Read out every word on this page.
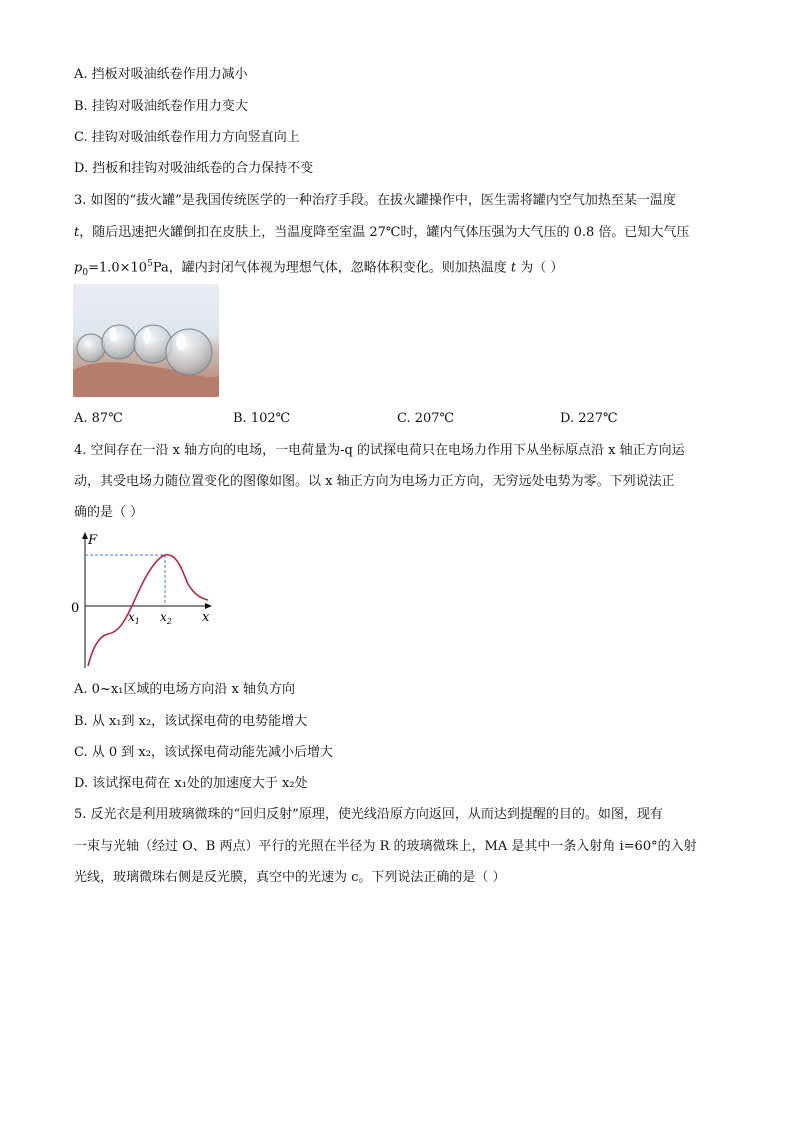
A. 挡板对吸油纸卷作用力减小
B. 挂钩对吸油纸卷作用力变大
C. 挂钩对吸油纸卷作用力方向竖直向上
D. 挡板和挂钩对吸油纸卷的合力保持不变
3. 如图的“拔火罐”是我国传统医学的一种治疗手段。在拔火罐操作中，医生需将罐内空气加热至某一温度
t，随后迅速把火罐倒扣在皮肤上，当温度降至室温 27℃时，罐内气体压强为大气压的 0.8 倍。已知大气压
$p_0=1.0\times 10^5Pa$，罐内封闭气体视为理想气体，忽略体积变化。则加热温度 t 为（ ）
A. 87℃	B. 102℃	C. 207℃	D. 227℃
4. 空间存在一沿 x 轴方向的电场，一电荷量为-q 的试探电荷只在电场力作用下从坐标原点沿 x 轴正方向运
动，其受电场力随位置变化的图像如图。以 x 轴正方向为电场力正方向，无穷远处电势为零。下列说法正
确的是（ ）
F
0
x
$x_1$ $x_2$
A. 0~x₁区域的电场方向沿 x 轴负方向
B. 从 x₁到 x₂，该试探电荷的电势能增大
C. 从 0 到 x₂，该试探电荷动能先减小后增大
D. 该试探电荷在 x₁处的加速度大于 x₂处
5. 反光衣是利用玻璃微珠的“回归反射”原理，使光线沿原方向返回，从而达到提醒的目的。如图，现有
一束与光轴（经过 O、B 两点）平行的光照在半径为 R 的玻璃微珠上，MA 是其中一条入射角 i=60°的入射
光线，玻璃微珠右侧是反光膜，真空中的光速为 c。下列说法正确的是（ ）
